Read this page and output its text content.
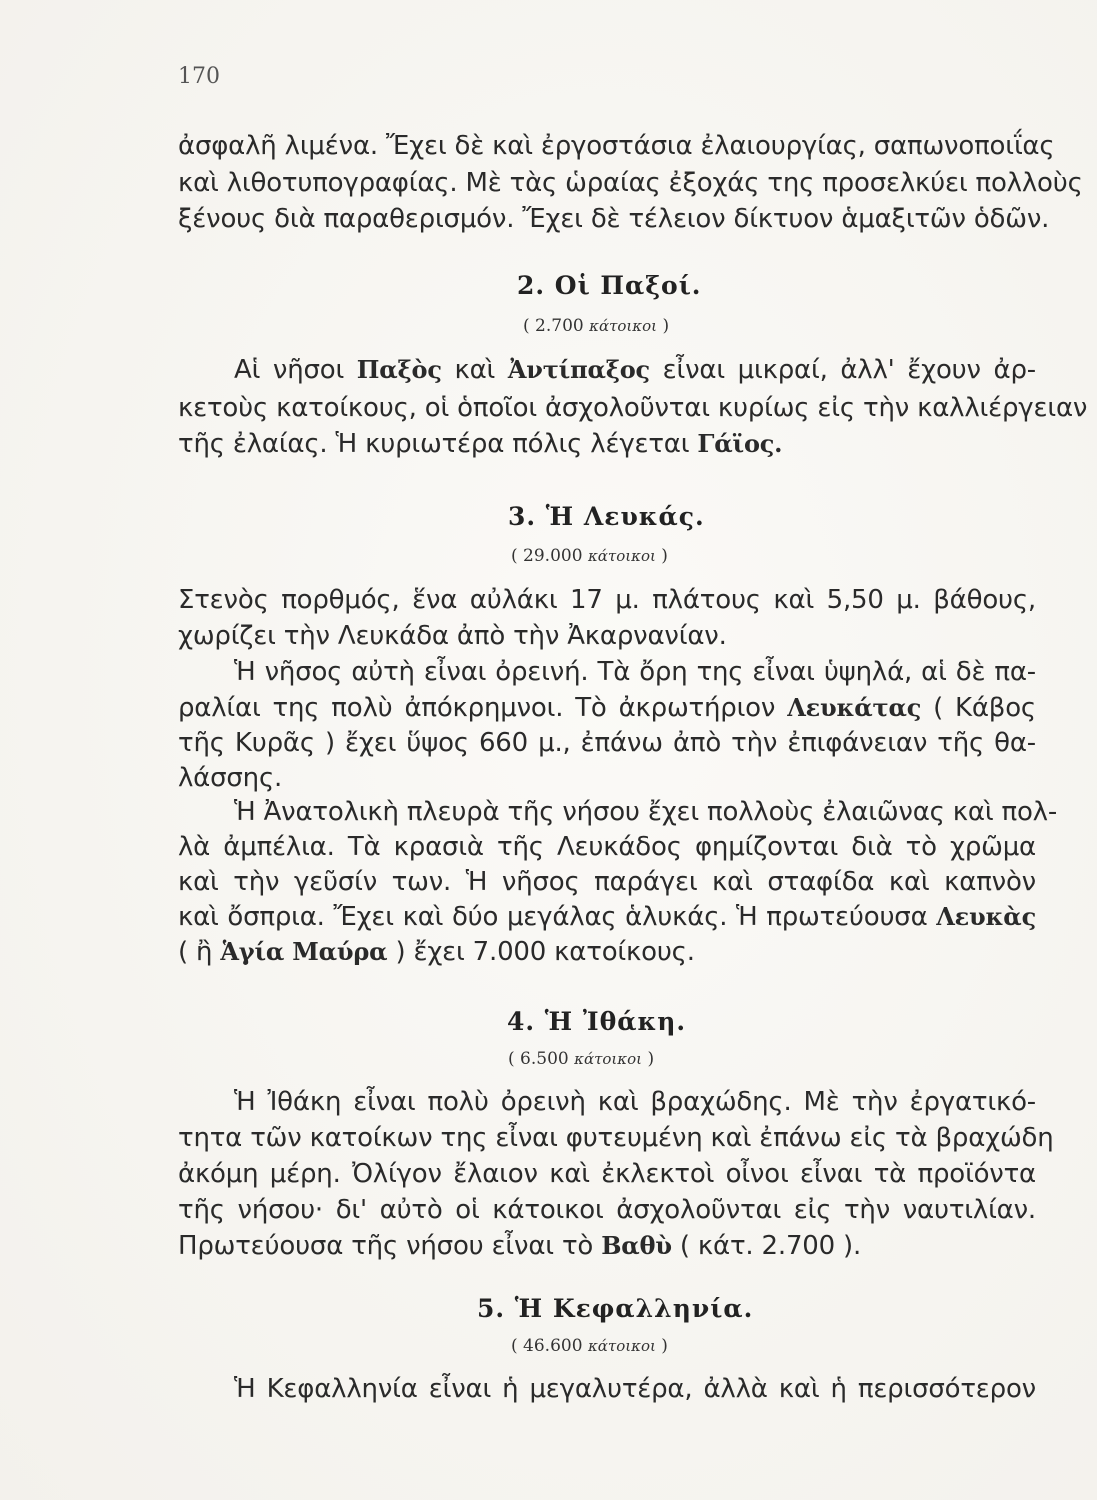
170
ἀσφαλῆ λιμένα. Ἔχει δὲ καὶ ἐργοστάσια ἐλαιουργίας, σαπωνοποιΐας
καὶ λιθοτυπογραφίας. Μὲ τὰς ὡραίας ἐξοχάς της προσελκύει πολλοὺς
ξένους διὰ παραθερισμόν. Ἔχει δὲ τέλειον δίκτυον ἁμαξιτῶν ὁδῶν.
2. Οἱ Παξοί.
( 2.700 κάτοικοι )
Αἱ νῆσοι Παξὸς καὶ Ἀντίπαξος εἶναι μικραί, ἀλλ' ἔχουν ἀρ-
κετοὺς κατοίκους, οἱ ὁποῖοι ἀσχολοῦνται κυρίως εἰς τὴν καλλιέργειαν
τῆς ἐλαίας. Ἡ κυριωτέρα πόλις λέγεται Γάϊος.
3. Ἡ Λευκάς.
( 29.000 κάτοικοι )
Στενὸς πορθμός, ἕνα αὐλάκι 17 μ. πλάτους καὶ 5,50 μ. βάθους,
χωρίζει τὴν Λευκάδα ἀπὸ τὴν Ἀκαρνανίαν.
Ἡ νῆσος αὐτὴ εἶναι ὀρεινή. Τὰ ὄρη της εἶναι ὑψηλά, αἱ δὲ πα-
ραλίαι της πολὺ ἀπόκρημνοι. Τὸ ἀκρωτήριον Λευκάτας ( Κάβος
τῆς Κυρᾶς ) ἔχει ὕψος 660 μ., ἐπάνω ἀπὸ τὴν ἐπιφάνειαν τῆς θα-
λάσσης.
Ἡ Ἀνατολικὴ πλευρὰ τῆς νήσου ἔχει πολλοὺς ἐλαιῶνας καὶ πολ-
λὰ ἀμπέλια. Τὰ κρασιὰ τῆς Λευκάδος φημίζονται διὰ τὸ χρῶμα
καὶ τὴν γεῦσίν των. Ἡ νῆσος παράγει καὶ σταφίδα καὶ καπνὸν
καὶ ὄσπρια. Ἔχει καὶ δύο μεγάλας ἁλυκάς. Ἡ πρωτεύουσα Λευκὰς
( ἢ Ἁγία Μαύρα ) ἔχει 7.000 κατοίκους.
4. Ἡ Ἰθάκη.
( 6.500 κάτοικοι )
Ἡ Ἰθάκη εἶναι πολὺ ὀρεινὴ καὶ βραχώδης. Μὲ τὴν ἐργατικό-
τητα τῶν κατοίκων της εἶναι φυτευμένη καὶ ἐπάνω εἰς τὰ βραχώδη
ἀκόμη μέρη. Ὀλίγον ἔλαιον καὶ ἐκλεκτοὶ οἶνοι εἶναι τὰ προϊόντα
τῆς νήσου· δι' αὐτὸ οἱ κάτοικοι ἀσχολοῦνται εἰς τὴν ναυτιλίαν.
Πρωτεύουσα τῆς νήσου εἶναι τὸ Βαθὺ ( κάτ. 2.700 ).
5. Ἡ Κεφαλληνία.
( 46.600 κάτοικοι )
Ἡ Κεφαλληνία εἶναι ἡ μεγαλυτέρα, ἀλλὰ καὶ ἡ περισσότερον
